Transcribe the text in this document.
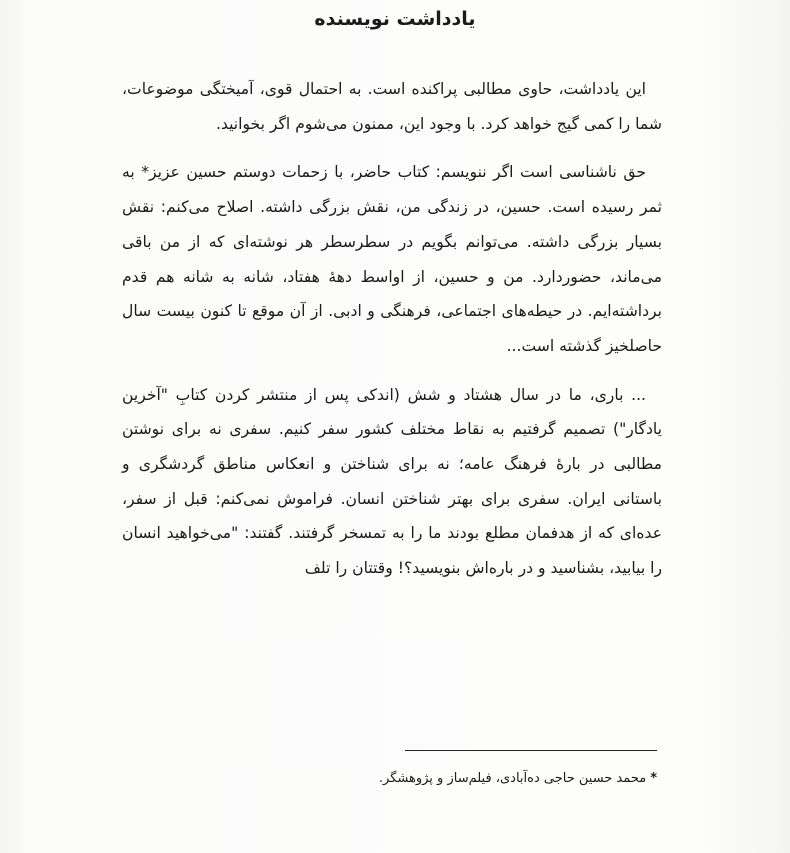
یادداشت نویسنده

این یادداشت، حاوی مطالبی پراکنده است. به احتمال قوی، آمیختگی موضوعات، شما را کمی گیج خواهد کرد. با وجود این، ممنون می‌شوم اگر بخوانید.

حق ناشناسی است اگر ننویسم: کتاب حاضر، با زحمات دوستم حسین عزیز* به ثمر رسیده است. حسین، در زندگی من، نقش بزرگی داشته. اصلاح می‌کنم: نقش بسیار بزرگی داشته. می‌توانم بگویم در سطرسطر هر نوشته‌ای که از من باقی می‌ماند، حضوردارد. من و حسین، از اواسط دههٔ هفتاد، شانه به شانه هم قدم برداشته‌ایم. در حیطه‌های اجتماعی، فرهنگی و ادبی. از آن موقع تا کنون بیست سال حاصلخیز گذشته است...

... باری، ما در سال هشتاد و شش (اندکی پس از منتشر کردن کتابِ "آخرین یادگار") تصمیم گرفتیم به نقاط مختلف کشور سفر کنیم. سفری نه برای نوشتن مطالبی در بارهٔ فرهنگ عامه؛ نه برای شناختن و انعکاس مناطق گردشگری و باستانی ایران. سفری برای بهتر شناختن انسان. فراموش نمی‌کنم: قبل از سفر، عده‌ای که از هدفمان مطلع بودند ما را به تمسخر گرفتند. گفتند: "می‌خواهید انسان را بیابید، بشناسید و در باره‌اش بنویسید؟! وقتتان را تلف

*محمد حسین حاجی ده‌آبادی، فیلم‌ساز و پژوهشگر.
